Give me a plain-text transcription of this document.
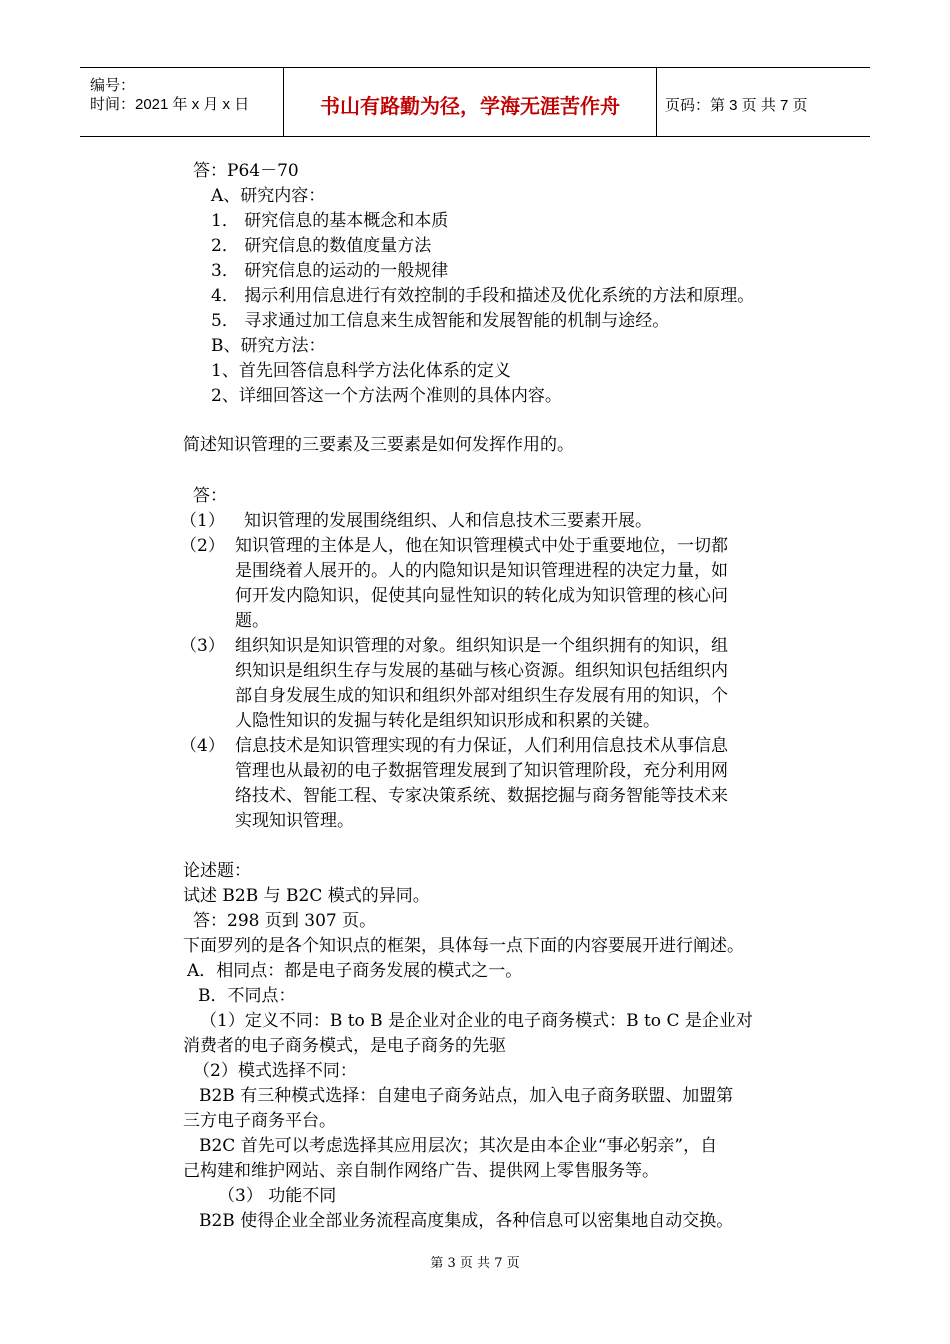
编号：
时间：2021 年 x 月 x 日	书山有路勤为径，学海无涯苦作舟	页码：第 3 页 共 7 页
答：P64－70
A、研究内容：
1． 研究信息的基本概念和本质
2． 研究信息的数值度量方法
3． 研究信息的运动的一般规律
4． 揭示利用信息进行有效控制的手段和描述及优化系统的方法和原理。
5． 寻求通过加工信息来生成智能和发展智能的机制与途经。
B、研究方法：
1、首先回答信息科学方法化体系的定义
2、详细回答这一个方法两个准则的具体内容。
简述知识管理的三要素及三要素是如何发挥作用的。
答：
（1） 知识管理的发展围绕组织、人和信息技术三要素开展。
（2） 知识管理的主体是人，他在知识管理模式中处于重要地位，一切都
是围绕着人展开的。人的内隐知识是知识管理进程的决定力量，如
何开发内隐知识，促使其向显性知识的转化成为知识管理的核心问
题。
（3） 组织知识是知识管理的对象。组织知识是一个组织拥有的知识，组
织知识是组织生存与发展的基础与核心资源。组织知识包括组织内
部自身发展生成的知识和组织外部对组织生存发展有用的知识，个
人隐性知识的发掘与转化是组织知识形成和积累的关键。
（4） 信息技术是知识管理实现的有力保证，人们利用信息技术从事信息
管理也从最初的电子数据管理发展到了知识管理阶段，充分利用网
络技术、智能工程、专家决策系统、数据挖掘与商务智能等技术来
实现知识管理。
论述题：
试述 B2B 与 B2C 模式的异同。
答：298 页到 307 页。
下面罗列的是各个知识点的框架，具体每一点下面的内容要展开进行阐述。
A．相同点：都是电子商务发展的模式之一。
B．不同点：
（1）定义不同：B to B 是企业对企业的电子商务模式：B to C 是企业对
消费者的电子商务模式，是电子商务的先驱
（2）模式选择不同：
B2B 有三种模式选择：自建电子商务站点，加入电子商务联盟、加盟第
三方电子商务平台。
B2C 首先可以考虑选择其应用层次；其次是由本企业“事必躬亲”，自
己构建和维护网站、亲自制作网络广告、提供网上零售服务等。
（3） 功能不同
B2B 使得企业全部业务流程高度集成，各种信息可以密集地自动交换。
第 3 页 共 7 页
